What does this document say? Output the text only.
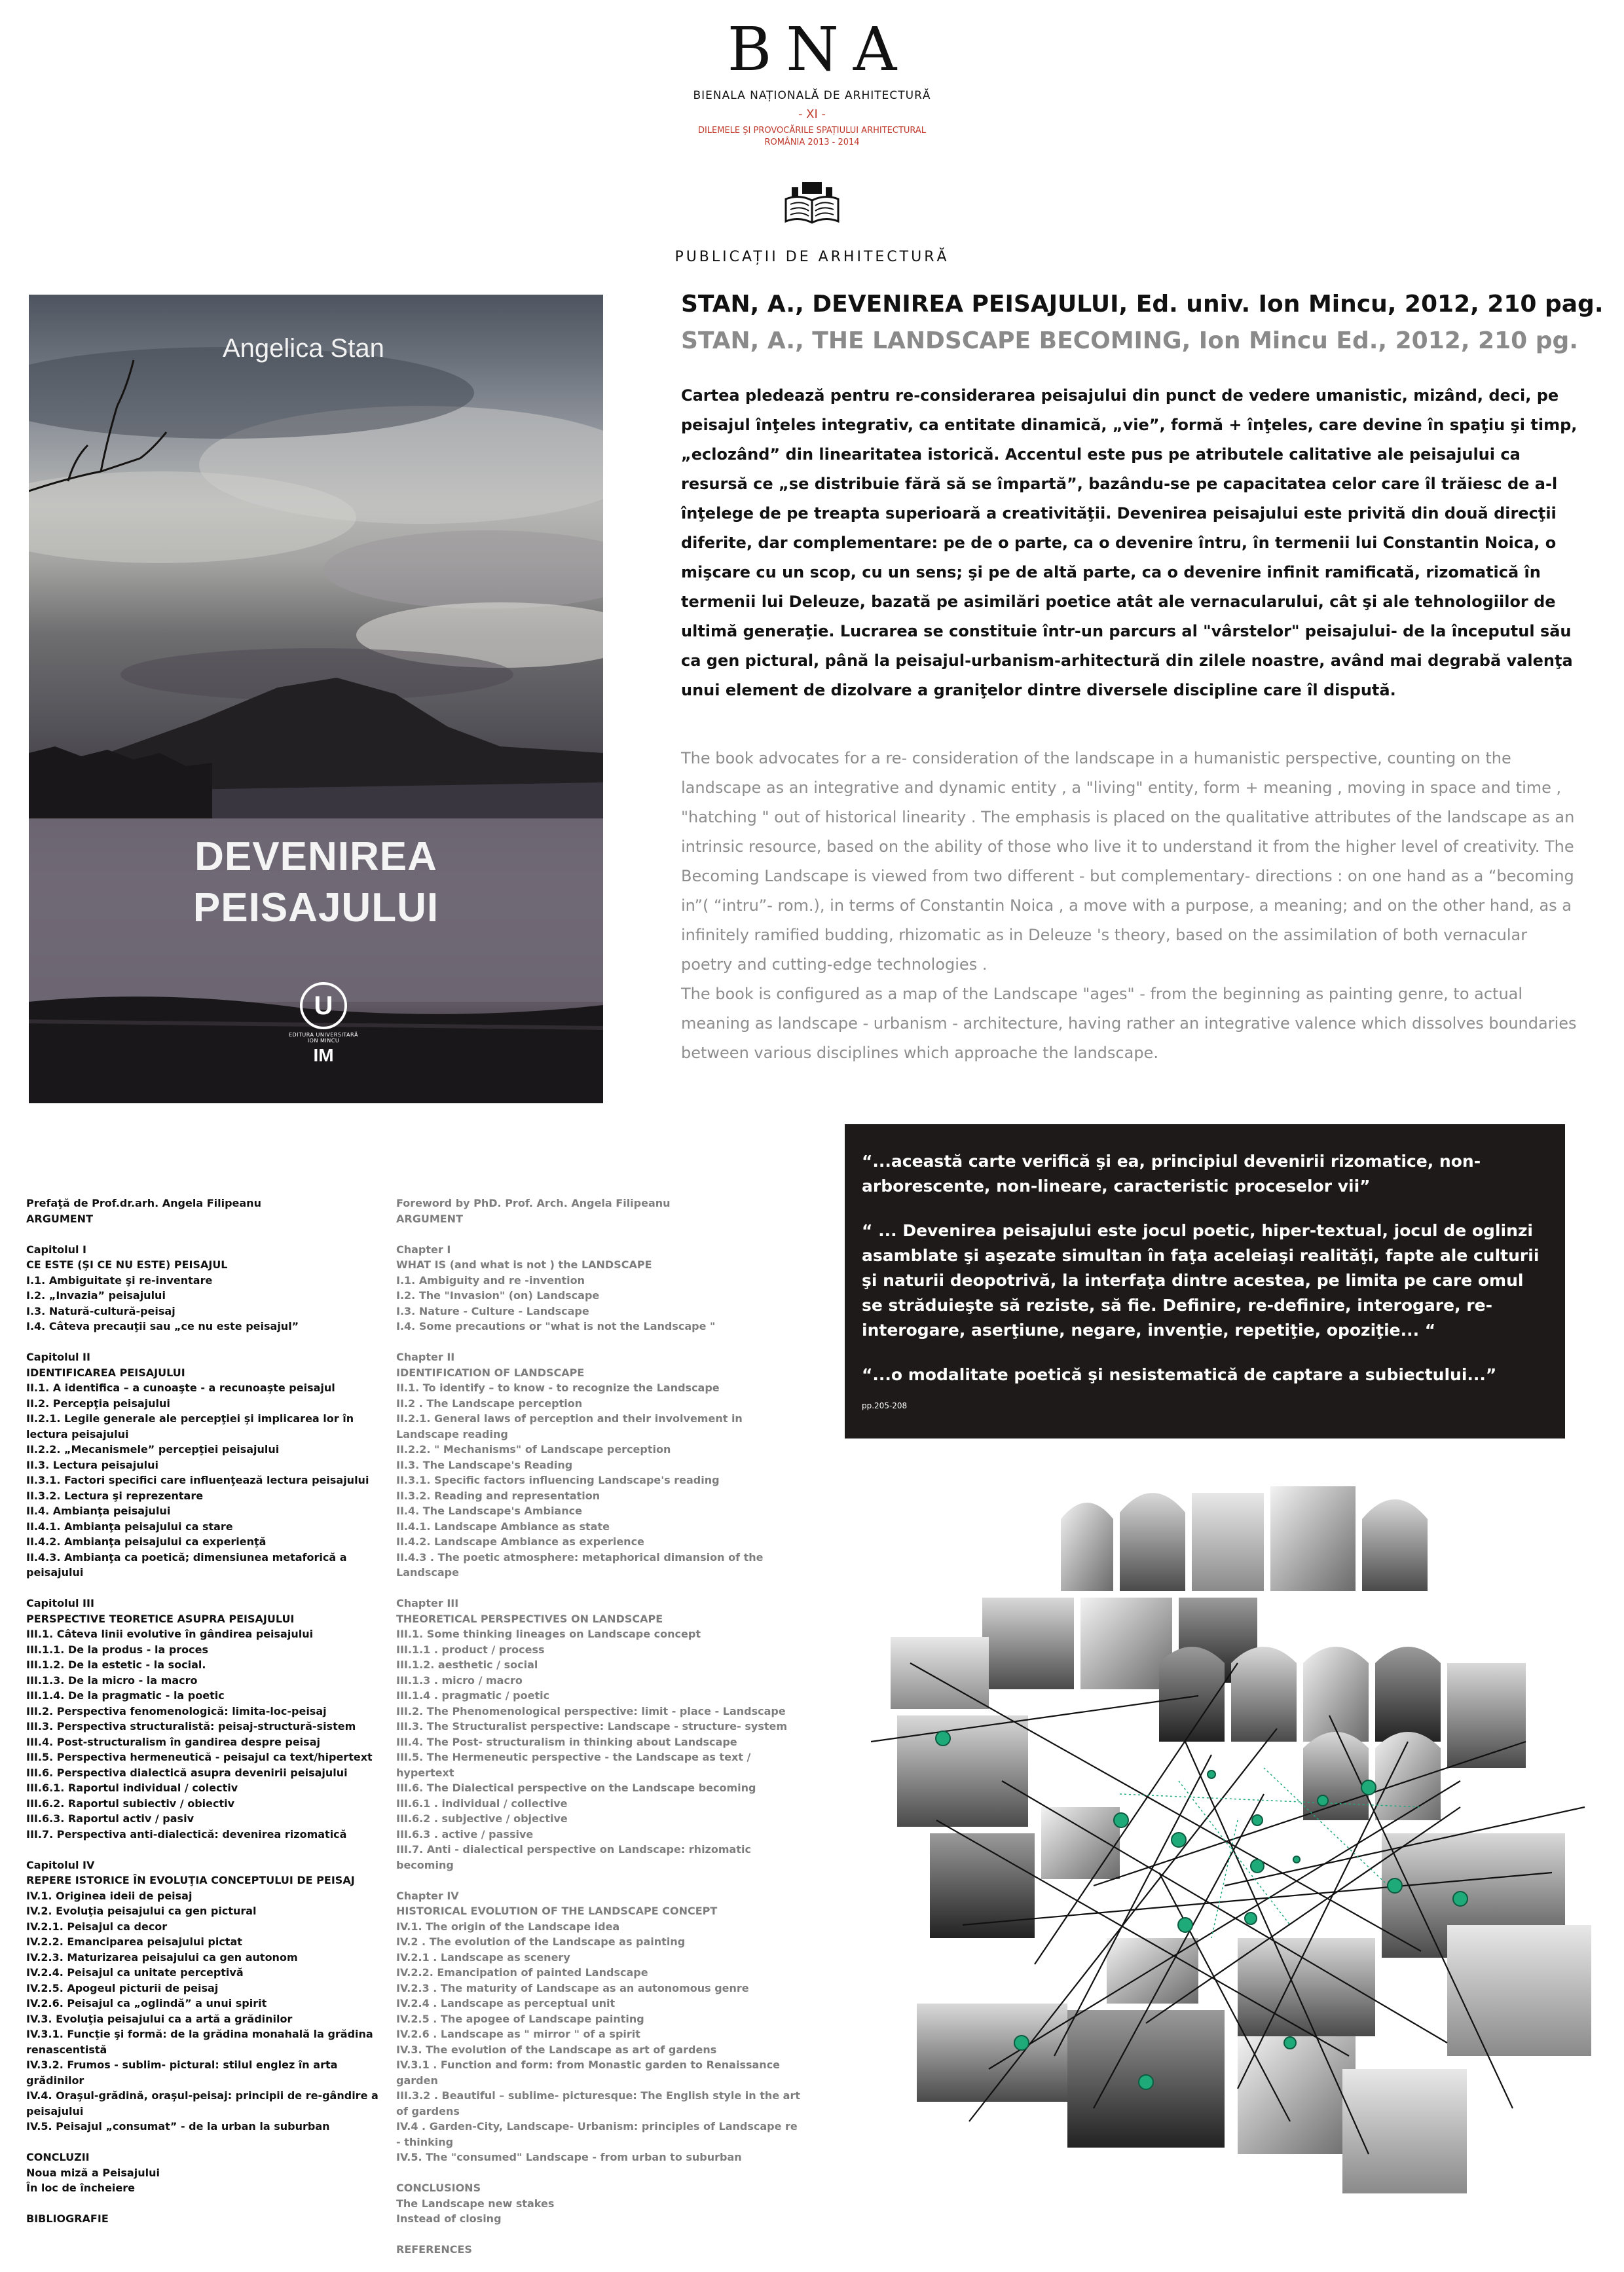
BNA
BIENALA NAȚIONALĂ DE ARHITECTURĂ
- XI -
DILEMELE ȘI PROVOCĂRILE SPAȚIULUI ARHITECTURAL
ROMÂNIA 2013 - 2014
PUBLICAȚII DE ARHITECTURĂ
Angelica Stan
DEVENIREA
PEISAJULUI
U
EDITURA UNIVERSITARĂ ION MINCU
IM
STAN, A., DEVENIREA PEISAJULUI, Ed. univ. Ion Mincu, 2012, 210 pag.
STAN, A., THE LANDSCAPE BECOMING, Ion Mincu Ed., 2012, 210 pg.
Cartea pledează pentru re-considerarea peisajului din punct de vedere umanistic, mizând, deci, pe peisajul înţeles integrativ, ca entitate dinamică, „vie”, formă + înţeles, care devine în spaţiu şi timp, „eclozând” din linearitatea istorică. Accentul este pus pe atributele calitative ale peisajului ca resursă ce „se distribuie fără să se împartă”, bazându-se pe capacitatea celor care îl trăiesc de a-l înţelege de pe treapta superioară a creativităţii. Devenirea peisajului este privită din două direcţii diferite, dar complementare: pe de o parte, ca o devenire întru, în termenii lui Constantin Noica, o mişcare cu un scop, cu un sens; şi pe de altă parte, ca o devenire infinit ramificată, rizomatică în termenii lui Deleuze, bazată pe asimilări poetice atât ale vernacularului, cât şi ale tehnologiilor de ultimă generaţie. Lucrarea se constituie într-un parcurs al "vârstelor" peisajului- de la începutul său ca gen pictural, până la peisajul-urbanism-arhitectură din zilele noastre, având mai degrabă valenţa unui element de dizolvare a graniţelor dintre diversele discipline care îl dispută.

The book advocates for a re- consideration of the landscape in a humanistic perspective, counting on the landscape as an integrative and dynamic entity , a "living" entity, form + meaning , moving in space and time , "hatching " out of historical linearity . The emphasis is placed on the qualitative attributes of the landscape as an intrinsic resource, based on the ability of those who live it to understand it from the higher level of creativity. The Becoming Landscape is viewed from two different - but complementary- directions : on one hand as a “becoming in”( “intru”- rom.), in terms of Constantin Noica , a move with a purpose, a meaning; and on the other hand, as a infinitely ramified budding, rhizomatic as in Deleuze 's theory, based on the assimilation of both vernacular poetry and cutting-edge technologies .

The book is configured as a map of the Landscape "ages" - from the beginning as painting genre, to actual meaning as landscape - urbanism - architecture, having rather an integrative valence which dissolves boundaries between various disciplines which approache the landscape.

Prefaţă de Prof.dr.arh. Angela Filipeanu
ARGUMENT
Capitolul I
CE ESTE (ŞI CE NU ESTE) PEISAJUL
I.1. Ambiguitate şi re-inventare
I.2. „Invazia” peisajului
I.3. Natură-cultură-peisaj
I.4. Câteva precauţii sau „ce nu este peisajul”
Capitolul II
IDENTIFICAREA PEISAJULUI
II.1. A identifica – a cunoaşte - a recunoaşte peisajul
II.2. Percepţia peisajului
II.2.1. Legile generale ale percepţiei şi implicarea lor în lectura peisajului
II.2.2. „Mecanismele” percepţiei peisajului
II.3. Lectura peisajului
II.3.1. Factori specifici care influenţează lectura peisajului
II.3.2. Lectura şi reprezentare
II.4. Ambianţa peisajului
II.4.1. Ambianţa peisajului ca stare
II.4.2. Ambianţa peisajului ca experienţă
II.4.3. Ambianţa ca poetică; dimensiunea metaforică a peisajului
Capitolul III
PERSPECTIVE TEORETICE ASUPRA PEISAJULUI
III.1. Câteva linii evolutive în gândirea peisajului
III.1.1. De la produs - la proces
III.1.2. De la estetic - la social.
III.1.3. De la micro - la macro
III.1.4. De la pragmatic - la poetic
III.2. Perspectiva fenomenologică: limita-loc-peisaj
III.3. Perspectiva structuralistă: peisaj-structură-sistem
III.4. Post-structuralism în gandirea despre peisaj
III.5. Perspectiva hermeneutică - peisajul ca text/hipertext
III.6. Perspectiva dialectică asupra devenirii peisajului
III.6.1. Raportul individual / colectiv
III.6.2. Raportul subiectiv / obiectiv
III.6.3. Raportul activ / pasiv
III.7. Perspectiva anti-dialectică: devenirea rizomatică
Capitolul IV
REPERE ISTORICE ÎN EVOLUŢIA CONCEPTULUI DE PEISAJ
IV.1. Originea ideii de peisaj
IV.2. Evoluţia peisajului ca gen pictural
IV.2.1. Peisajul ca decor
IV.2.2. Emanciparea peisajului pictat
IV.2.3. Maturizarea peisajului ca gen autonom
IV.2.4. Peisajul ca unitate perceptivă
IV.2.5. Apogeul picturii de peisaj
IV.2.6. Peisajul ca „oglindă” a unui spirit
IV.3. Evoluţia peisajului ca a artă a grădinilor
IV.3.1. Funcţie şi formă: de la grădina monahală la grădina renascentistă
IV.3.2. Frumos - sublim- pictural: stilul englez în arta grădinilor
IV.4. Oraşul-grădină, oraşul-peisaj: principii de re-gândire a peisajului
IV.5. Peisajul „consumat” - de la urban la suburban
CONCLUZII
Noua miză a Peisajului
În loc de încheiere
BIBLIOGRAFIE
Foreword by PhD. Prof. Arch. Angela Filipeanu
ARGUMENT
Chapter I
WHAT IS (and what is not ) the LANDSCAPE
I.1. Ambiguity and re -invention
I.2. The "Invasion" (on) Landscape
I.3. Nature - Culture - Landscape
I.4. Some precautions or "what is not the Landscape "
Chapter II
IDENTIFICATION OF LANDSCAPE
II.1. To identify – to know - to recognize the Landscape
II.2 . The Landscape perception
II.2.1. General laws of perception and their involvement in Landscape reading
II.2.2. " Mechanisms" of Landscape perception
II.3. The Landscape's Reading
II.3.1. Specific factors influencing Landscape's reading
II.3.2. Reading and representation
II.4. The Landscape's Ambiance
II.4.1. Landscape Ambiance as state
II.4.2. Landscape Ambiance as experience
II.4.3 . The poetic atmosphere: metaphorical dimansion of the Landscape
Chapter III
THEORETICAL PERSPECTIVES ON LANDSCAPE
III.1. Some thinking lineages on Landscape concept
III.1.1 . product / process
III.1.2. aesthetic / social
III.1.3 . micro / macro
III.1.4 . pragmatic / poetic
III.2. The Phenomenological perspective: limit - place - Landscape
III.3. The Structuralist perspective: Landscape - structure- system
III.4. The Post- structuralism in thinking about Landscape
III.5. The Hermeneutic perspective - the Landscape as text / hypertext
III.6. The Dialectical perspective on the Landscape becoming
III.6.1 . individual / collective
III.6.2 . subjective / objective
III.6.3 . active / passive
III.7. Anti - dialectical perspective on Landscape: rhizomatic becoming
Chapter IV
HISTORICAL EVOLUTION OF THE LANDSCAPE CONCEPT
IV.1. The origin of the Landscape idea
IV.2 . The evolution of the Landscape as painting
IV.2.1 . Landscape as scenery
IV.2.2. Emancipation of painted Landscape
IV.2.3 . The maturity of Landscape as an autonomous genre
IV.2.4 . Landscape as perceptual unit
IV.2.5 . The apogee of Landscape painting
IV.2.6 . Landscape as " mirror " of a spirit
IV.3. The evolution of the Landscape as art of gardens
IV.3.1 . Function and form: from Monastic garden to Renaissance garden
III.3.2 . Beautiful – sublime- picturesque: The English style in the art of gardens
IV.4 . Garden-City, Landscape- Urbanism: principles of Landscape re - thinking
IV.5. The "consumed" Landscape - from urban to suburban
CONCLUSIONS
The Landscape new stakes
Instead of closing
REFERENCES

“...această carte verifică şi ea, principiul devenirii rizomatice, non-arborescente, non-lineare, caracteristic proceselor vii”

“ ... Devenirea peisajului este jocul poetic, hiper-textual, jocul de oglinzi asamblate şi aşezate simultan în faţa aceleiaşi realităţi, fapte ale culturii şi naturii deopotrivă, la interfaţa dintre acestea, pe limita pe care omul se străduieşte să reziste, să fie. Definire, re-definire, interogare, re-interogare, aserţiune, negare, invenţie, repetiţie, opoziţie... “

“...o modalitate poetică şi nesistematică de captare a subiectului...”

pp.205-208
